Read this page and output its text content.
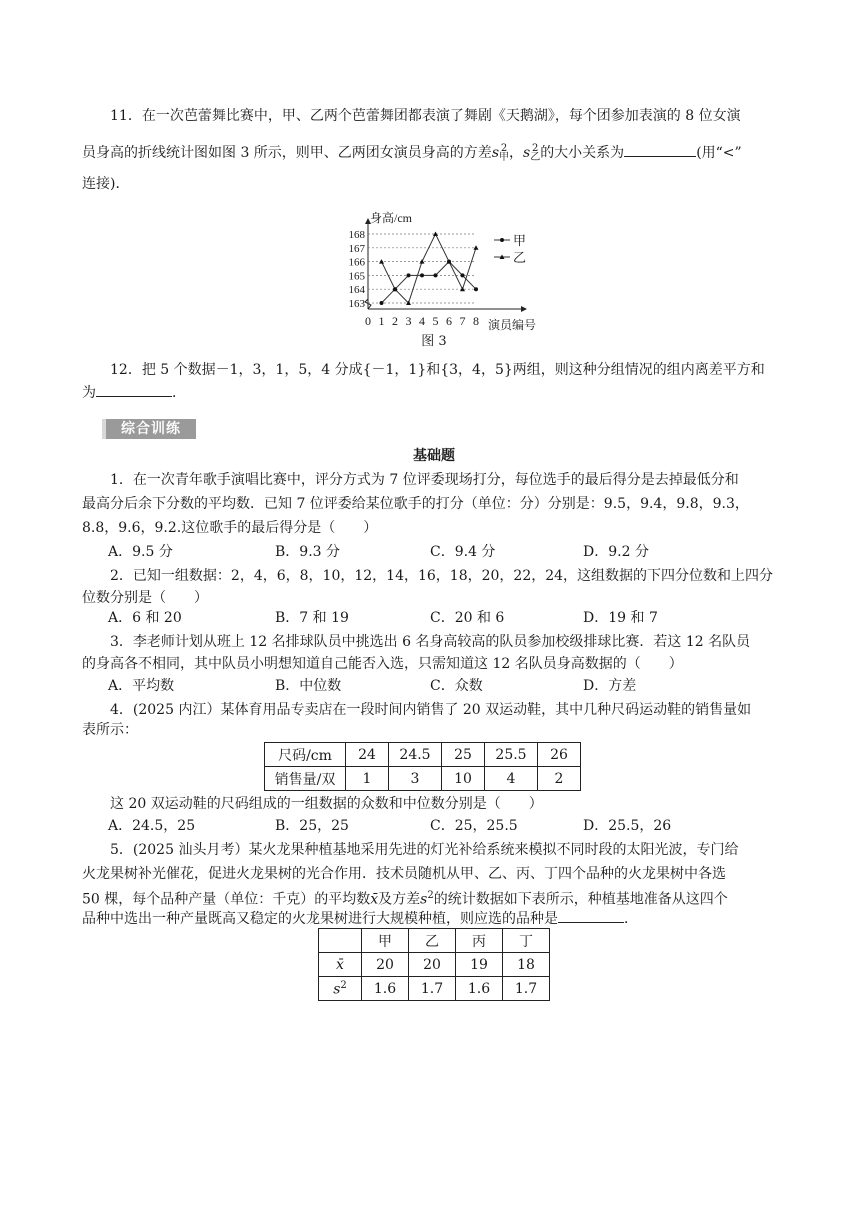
11．在一次芭蕾舞比赛中，甲、乙两个芭蕾舞团都表演了舞剧《天鹅湖》，每个团参加表演的 8 位女演
员身高的折线统计图如图 3 所示，则甲、乙两团女演员身高的方差s 2
甲 ，s 2
乙 的大小关系为	(用“<”
连接)．
163
164
165
166
167
168
0 1 2 3 4 5 6 7 8
身高/cm
演员编号
甲
乙
图 3
12．把 5 个数据－1，3，1，5，4 分成{－1，1}和{3，4，5}两组，则这种分组情况的组内离差平方和
为	．
综合训练
基础题
1．在一次青年歌手演唱比赛中，评分方式为 7 位评委现场打分，每位选手的最后得分是去掉最低分和
最高分后余下分数的平均数．已知 7 位评委给某位歌手的打分（单位：分）分别是：9.5，9.4，9.8，9.3，
8.8，9.6，9.2.这位歌手的最后得分是（　　）
A．9.5 分	B．9.3 分	C．9.4 分	D．9.2 分
2．已知一组数据：2，4，6，8，10，12，14，16，18，20，22，24，这组数据的下四分位数和上四分
位数分别是（　　）
A．6 和 20	B．7 和 19	C．20 和 6	D．19 和 7
3．李老师计划从班上 12 名排球队员中挑选出 6 名身高较高的队员参加校级排球比赛．若这 12 名队员
的身高各不相同，其中队员小明想知道自己能否入选，只需知道这 12 名队员身高数据的（　　）
A．平均数	B．中位数	C．众数	D．方差
4．(2025 内江）某体育用品专卖店在一段时间内销售了 20 双运动鞋，其中几种尺码运动鞋的销售量如
表所示：
尺码/cm	24	24.5	25	25.5	26
销售量/双	1	3	10	4	2
这 20 双运动鞋的尺码组成的一组数据的众数和中位数分别是（　　）
A．24.5，25	B．25，25	C．25，25.5	D．25.5，26
5．(2025 汕头月考）某火龙果种植基地采用先进的灯光补给系统来模拟不同时段的太阳光波，专门给
火龙果树补光催花，促进火龙果树的光合作用．技术员随机从甲、乙、丙、丁四个品种的火龙果树中各选
50 棵，每个品种产量（单位：千克）的平均数x̄及方差$s^2$的统计数据如下表所示，种植基地准备从这四个
品种中选出一种产量既高又稳定的火龙果树进行大规模种植，则应选的品种是	．
	甲	乙	丙	丁
x̄	20	20	19	18
$s^2$	1.6	1.7	1.6	1.7
